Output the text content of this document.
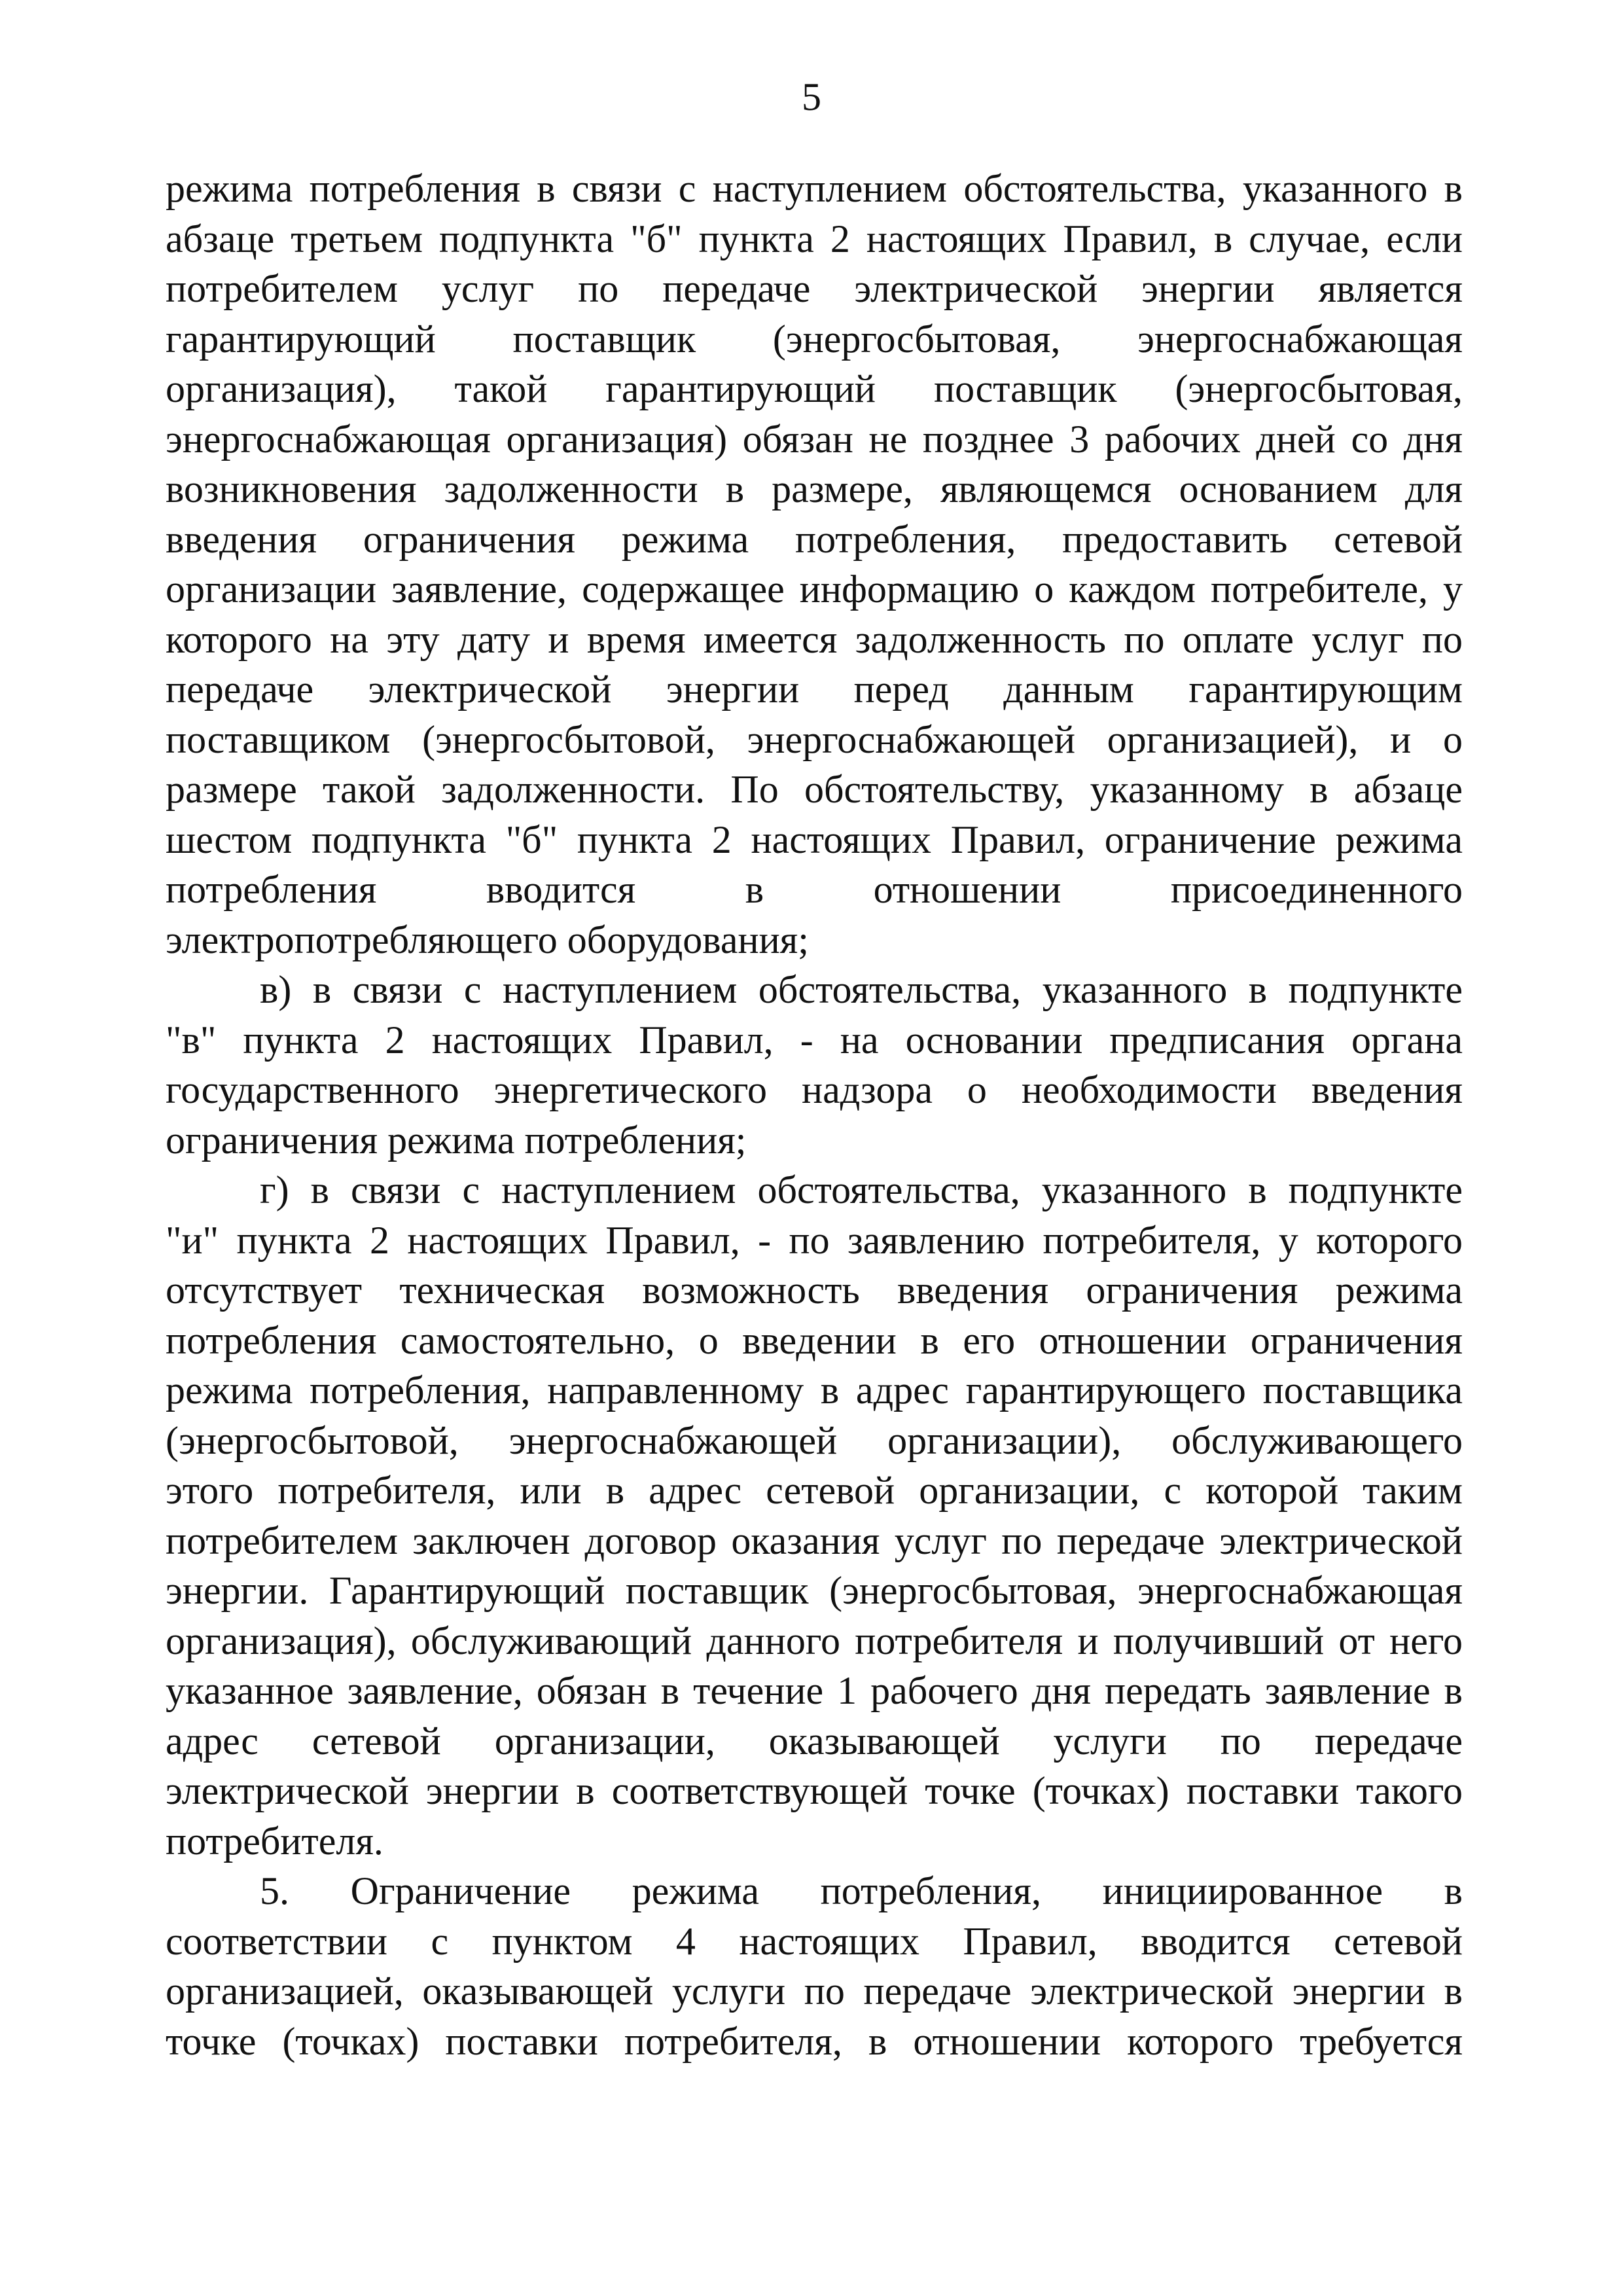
5
режима потребления в связи с наступлением обстоятельства, указанного в
абзаце третьем подпункта "б" пункта 2 настоящих Правил, в случае, если
потребителем услуг по передаче электрической энергии является
гарантирующий поставщик (энергосбытовая, энергоснабжающая
организация), такой гарантирующий поставщик (энергосбытовая,
энергоснабжающая организация) обязан не позднее 3 рабочих дней со дня
возникновения задолженности в размере, являющемся основанием для
введения ограничения режима потребления, предоставить сетевой
организации заявление, содержащее информацию о каждом потребителе, у
которого на эту дату и время имеется задолженность по оплате услуг по
передаче электрической энергии перед данным гарантирующим
поставщиком (энергосбытовой, энергоснабжающей организацией), и о
размере такой задолженности. По обстоятельству, указанному в абзаце
шестом подпункта "б" пункта 2 настоящих Правил, ограничение режима
потребления вводится в отношении присоединенного
электропотребляющего оборудования;
в) в связи с наступлением обстоятельства, указанного в подпункте
"в" пункта 2 настоящих Правил, - на основании предписания органа
государственного энергетического надзора о необходимости введения
ограничения режима потребления;
г) в связи с наступлением обстоятельства, указанного в подпункте
"и" пункта 2 настоящих Правил, - по заявлению потребителя, у которого
отсутствует техническая возможность введения ограничения режима
потребления самостоятельно, о введении в его отношении ограничения
режима потребления, направленному в адрес гарантирующего поставщика
(энергосбытовой, энергоснабжающей организации), обслуживающего
этого потребителя, или в адрес сетевой организации, с которой таким
потребителем заключен договор оказания услуг по передаче электрической
энергии. Гарантирующий поставщик (энергосбытовая, энергоснабжающая
организация), обслуживающий данного потребителя и получивший от него
указанное заявление, обязан в течение 1 рабочего дня передать заявление в
адрес сетевой организации, оказывающей услуги по передаче
электрической энергии в соответствующей точке (точках) поставки такого
потребителя.
5. Ограничение режима потребления, инициированное в
соответствии с пунктом 4 настоящих Правил, вводится сетевой
организацией, оказывающей услуги по передаче электрической энергии в
точке (точках) поставки потребителя, в отношении которого требуется
